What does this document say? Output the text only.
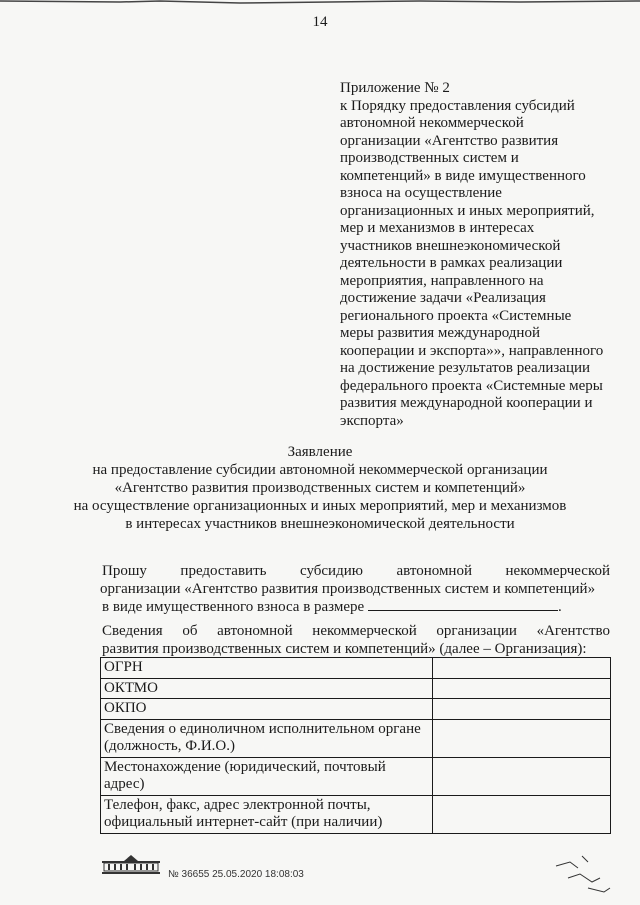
14
Приложение № 2
к Порядку предоставления субсидий
автономной некоммерческой
организации «Агентство развития
производственных систем и
компетенций» в виде имущественного
взноса на осуществление
организационных и иных мероприятий,
мер и механизмов в интересах
участников внешнеэкономической
деятельности в рамках реализации
мероприятия, направленного на
достижение задачи «Реализация
регионального проекта «Системные
меры развития международной
кооперации и экспорта»», направленного
на достижение результатов реализации
федерального проекта «Системные меры
развития международной кооперации и
экспорта»
Заявление
на предоставление субсидии автономной некоммерческой организации
«Агентство развития производственных систем и компетенций»
на осуществление организационных и иных мероприятий, мер и механизмов
в интересах участников внешнеэкономической деятельности
Прошу предоставить субсидию автономной некоммерческой
организации «Агентство развития производственных систем и компетенций»
в виде имущественного взноса в размере	.
Сведения об автономной некоммерческой организации «Агентство
развития производственных систем и компетенций» (далее – Организация):
ОГРН	
ОКТМО	
ОКПО	
Сведения о единоличном исполнительном органе (должность, Ф.И.О.)	
Местонахождение (юридический, почтовый адрес)	
Телефон, факс, адрес электронной почты, официальный интернет-сайт (при наличии)	
№ 36655 25.05.2020 18:08:03
